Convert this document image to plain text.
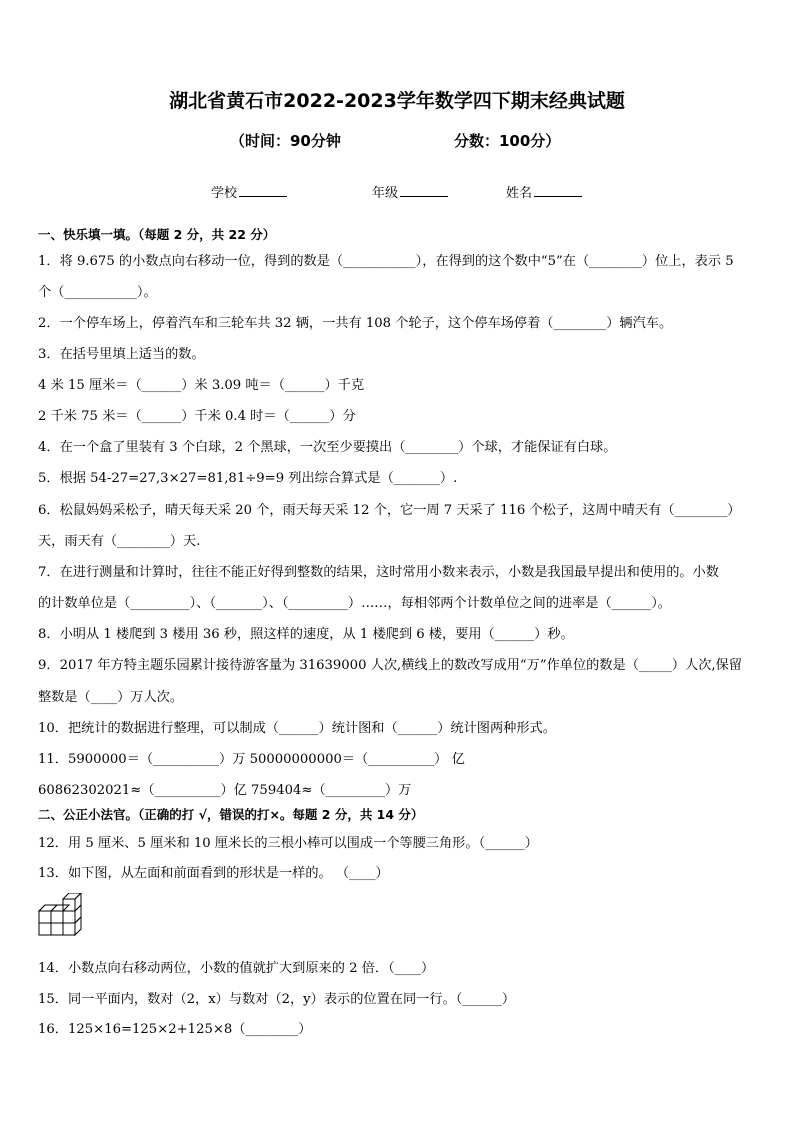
湖北省黄石市2022-2023学年数学四下期末经典试题
（时间：90分钟	分数：100分）
学校	年级	姓名
一、快乐填一填。（每题 2 分，共 22 分）
1．将 9.675 的小数点向右移动一位，得到的数是（___________），在得到的这个数中“5”在（________）位上，表示 5
个（___________）。
2．一个停车场上，停着汽车和三轮车共 32 辆，一共有 108 个轮子，这个停车场停着（________）辆汽车。
3．在括号里填上适当的数。
4 米 15 厘米＝（______）米 3.09 吨＝（______）千克
2 千米 75 米＝（______）千米 0.4 时＝（______）分
4．在一个盒了里装有 3 个白球，2 个黑球，一次至少要摸出（________）个球，才能保证有白球。
5．根据 54-27=27,3×27=81,81÷9=9 列出综合算式是（_______）.
6．松鼠妈妈采松子，晴天每天采 20 个，雨天每天采 12 个，它一周 7 天采了 116 个松子，这周中晴天有（________）
天，雨天有（________）天.
7．在进行测量和计算时，往往不能正好得到整数的结果，这时常用小数来表示，小数是我国最早提出和使用的。小数
的计数单位是（_________）、（_______）、（_________）……，每相邻两个计数单位之间的进率是（______）。
8．小明从 1 楼爬到 3 楼用 36 秒，照这样的速度，从 1 楼爬到 6 楼，要用（______）秒。
9．2017 年方特主题乐园累计接待游客量为 31639000 人次,横线上的数改写成用“万”作单位的数是（_____）人次,保留
整数是（____）万人次。
10．把统计的数据进行整理，可以制成（______）统计图和（______）统计图两种形式。
11．5900000＝（__________）万 50000000000＝（__________） 亿
60862302021≈（__________）亿 759404≈（_________）万
二、公正小法官。（正确的打 √，错误的打×。每题 2 分，共 14 分）
12．用 5 厘米、5 厘米和 10 厘米长的三根小棒可以围成一个等腰三角形。（______）
13．如下图，从左面和前面看到的形状是一样的。 （____）
14．小数点向右移动两位，小数的值就扩大到原来的 2 倍．（____）
15．同一平面内，数对（2，x）与数对（2，y）表示的位置在同一行。（______）
16．125×16=125×2+125×8（________）
